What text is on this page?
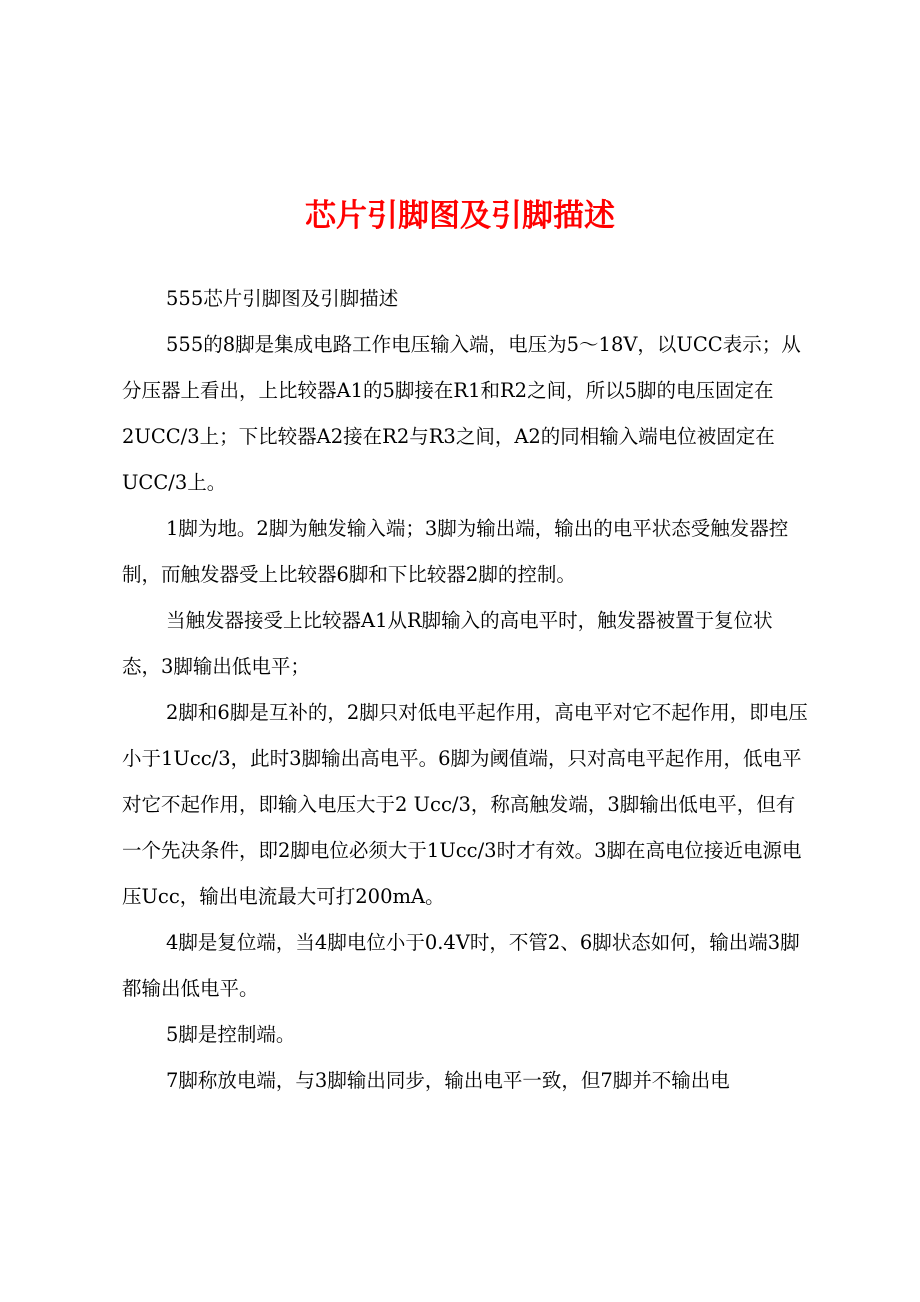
芯片引脚图及引脚描述

555芯片引脚图及引脚描述

555的8脚是集成电路工作电压输入端，电压为5～18V，以UCC表示；从分压器上看出，上比较器A1的5脚接在R1和R2之间，所以5脚的电压固定在2UCC/3上；下比较器A2接在R2与R3之间，A2的同相输入端电位被固定在UCC/3上。

1脚为地。2脚为触发输入端；3脚为输出端，输出的电平状态受触发器控制，而触发器受上比较器6脚和下比较器2脚的控制。

当触发器接受上比较器A1从R脚输入的高电平时，触发器被置于复位状态，3脚输出低电平；

2脚和6脚是互补的，2脚只对低电平起作用，高电平对它不起作用，即电压小于1Ucc/3，此时3脚输出高电平。6脚为阈值端，只对高电平起作用，低电平对它不起作用，即输入电压大于2 Ucc/3，称高触发端，3脚输出低电平，但有一个先决条件，即2脚电位必须大于1Ucc/3时才有效。3脚在高电位接近电源电压Ucc，输出电流最大可打200mA。

4脚是复位端，当4脚电位小于0.4V时，不管2、6脚状态如何，输出端3脚都输出低电平。

5脚是控制端。

7脚称放电端，与3脚输出同步，输出电平一致，但7脚并不输出电
